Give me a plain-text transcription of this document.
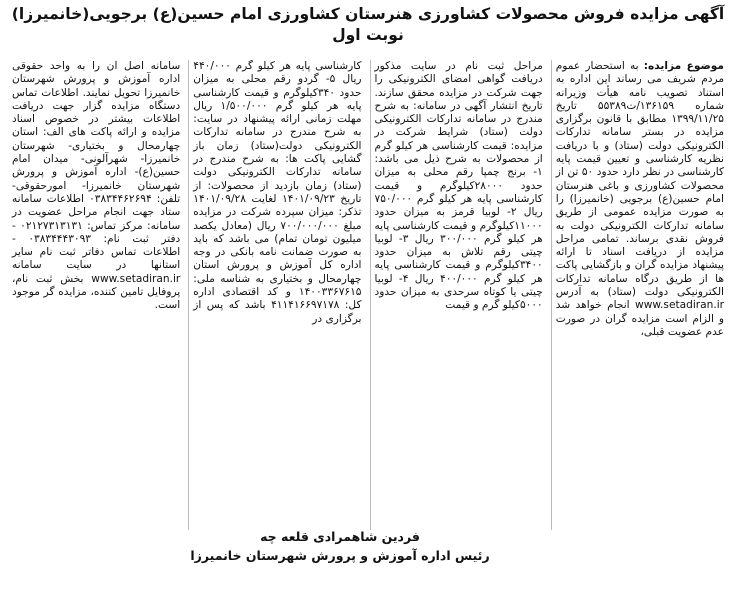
آگهی مزایده فروش محصولات کشاورزی هنرستان کشاورزی امام حسین(ع) برجویی(خانمیرزا)
نوبت اول

موضوع مزایده: به استحضار عموم مردم شریف می رساند این اداره به استناد تصویب نامه هیأت وزیرانه شماره ۱۳۶۱۵۹/ت۵۵۳۸۹ تاریخ ۱۳۹۹/۱۱/۲۵ مطابق با قانون برگزاری مزایده در بستر سامانه تدارکات الکترونیکی دولت (ستاد) و با دریافت نظریه کارشناسی و تعیین قیمت پایه کارشناسی در نظر دارد حدود ۵۰ تن از محصولات کشاورزی و باغی هنرستان امام حسین(ع) برجویی (خانمیرزا) را به صورت مزایده عمومی از طریق سامانه تدارکات الکترونیکی دولت به فروش نقدی برساند. تمامی مراحل مزایده از دریافت اسناد تا ارائه پیشنهاد مزایده گران و بازگشایی پاکت ها از طریق درگاه سامانه تدارکات الکترونیکی دولت (ستاد) به آدرس www.setadiran.ir انجام خواهد شد و الزام است مزایده گران در صورت عدم عضویت قبلی،

مراحل ثبت نام در سایت مذکور دریافت گواهی امضای الکترونیکی را جهت شرکت در مزایده محقق سازند. تاریخ انتشار آگهی در سامانه: به شرح مندرج در سامانه تدارکات الکترونیکی دولت (ستاد) شرایط شرکت در مزایده: قیمت کارشناسی هر کیلو گرم از محصولات به شرح ذیل می باشد: ۱- برنج چمپا رقم محلی به میزان حدود ۲۸۰۰۰کیلوگرم و قیمت کارشناسی پایه هر کیلو گرم ۷۵۰/۰۰۰ ریال ۲- لوبیا قرمز به میزان حدود ۱۱۰۰۰کیلوگرم و قیمت کارشناسی پایه هر کیلو گرم ۳۰۰/۰۰۰ ریال ۳- لوبیا چیتی رقم تلاش به میزان حدود ۳۴۰۰کیلوگرم و قیمت کارشناسی پایه هر کیلو گرم ۴۰۰/۰۰۰ ریال ۴- لوبیا چیتی یا کوتاه سرحدی به میزان حدود ۵۰۰۰کیلو گرم و قیمت

کارشناسی پایه هر کیلو گرم ۴۴۰/۰۰۰ ریال ۵- گردو رقم محلی به میزان حدود ۳۴۰کیلوگرم و قیمت کارشناسی پایه هر کیلو گرم ۱/۵۰۰/۰۰۰ ریال مهلت زمانی ارائه پیشنهاد در سایت: به شرح مندرج در سامانه تدارکات الکترونیکی دولت(ستاد) زمان باز گشایی پاکت ها: به شرح مندرج در سامانه تدارکات الکترونیکی دولت (ستاد) زمان بازدید از محصولات: از تاریخ ۱۴۰۱/۰۹/۲۳ لغایت ۱۴۰۱/۰۹/۲۸ تذکر: میزان سپرده شرکت در مزایده مبلغ ۷۰۰/۰۰۰/۰۰۰ ریال (معادل یکصد میلیون تومان تمام) می باشد که باید به صورت ضمانت نامه بانکی در وجه اداره کل آموزش و پرورش استان چهارمحال و بختیاری به شناسه ملی: ۱۴۰۰۳۳۶۷۶۱۵ و کد اقتصادی اداره کل: ۴۱۱۴۱۶۶۹۷۱۷۸ باشد که پس از برگزاری در

سامانه اصل آن را به واحد حقوقی اداره آموزش و پرورش شهرستان خانمیرزا تحویل نمایند. اطلاعات تماس دستگاه مزایده گزار جهت دریافت اطلاعات بیشتر در خصوص اسناد مزایده و ارائه پاکت های الف: استان چهارمحال و بختیاری- شهرستان خانمیرزا- شهرآلونی- میدان امام حسین(ع)- اداره آموزش و پرورش شهرستان خانمیرزا- امورحقوقی- تلفن: ۰۳۸۳۴۴۶۲۶۹۴ اطلاعات سامانه ستاد جهت انجام مراحل عضویت در سامانه: مرکز تماس: ۰۲۱۲۷۳۱۳۱۳۱ - دفتر ثبت نام: ۰۳۸۳۴۴۴۳۰۹۳ - اطلاعات تماس دفاتر ثبت نام سایر استانها در سایت سامانه www.setadiran.ir بخش ثبت نام، پروفایل تامین کننده، مزایده گر موجود است.

فردین شاهمرادی قلعه چه
رئیس اداره آموزش و پرورش شهرستان خانمیرزا
